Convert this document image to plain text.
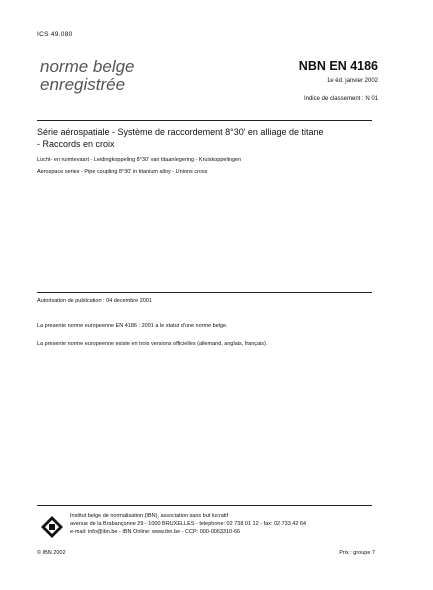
ICS 49.080
norme belge
enregistrée
NBN EN 4186
1e éd. janvier 2002
Indice de classement : N 01
Série aérospatiale - Système de raccordement 8°30' en alliage de titane
- Raccords en croix
Lucht- en ruimtevaart - Leidingkoppeling 8°30' van titaanlegering - Kruiskoppelingen
Aerospace series - Pipe coupling 8°30' in titanium alloy - Unions cross
Autorisation de publication : 04 decembre 2001
La presente norme europeenne EN 4186 : 2001 a le statut d'une norme belge.
La presente norme europeenne existe en trois versions officielles (allemand, anglais, français).
Institut belge de normalisation (IBN), association sans but lucratif
avenue de la Brabançonne 29 - 1000 BRUXELLES - telephone: 02 738 01 12 - fax: 02 733 42 64
e-mail: info@ibn.be - IBN Online: www.ibn.be - CCP: 000-0063310-66
© IBN 2002	Prix : groupe 7
